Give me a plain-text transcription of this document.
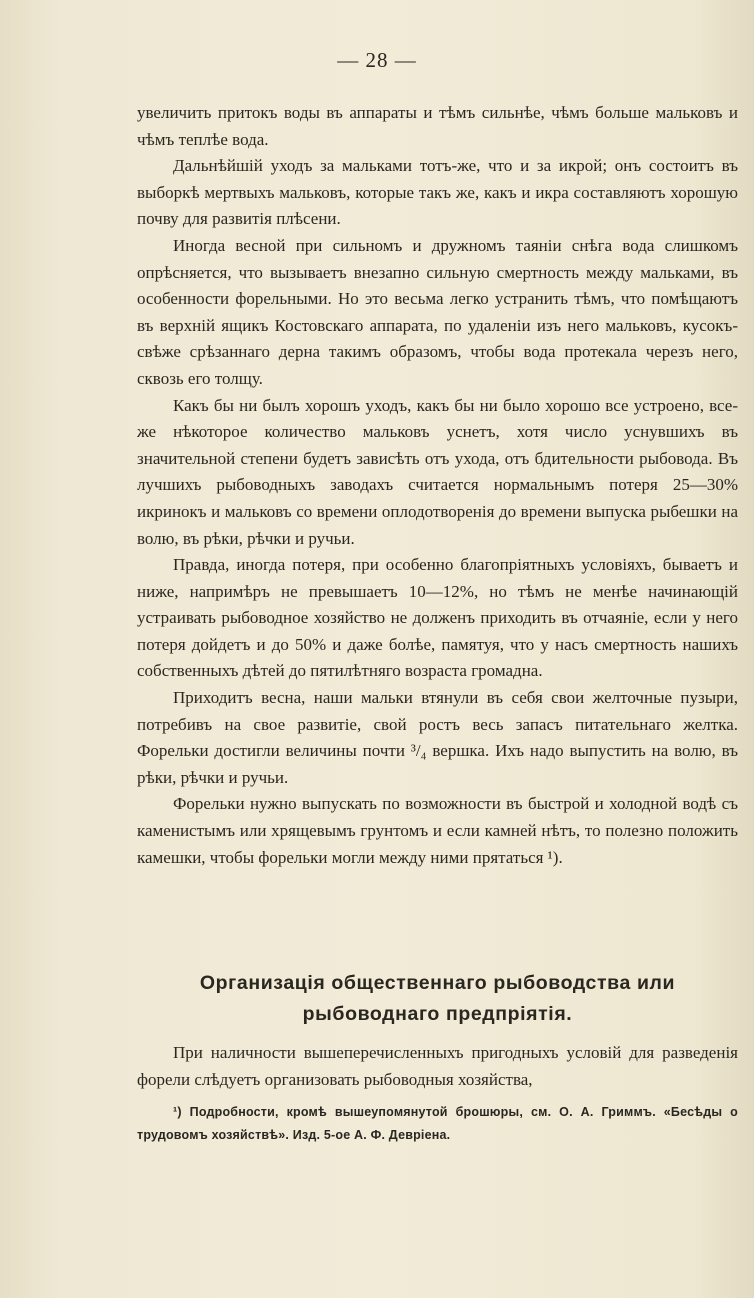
— 28 —

увеличить притокъ воды въ аппараты и тѣмъ сильнѣе, чѣмъ больше мальковъ и чѣмъ теплѣе вода.

Дальнѣйшій уходъ за мальками тотъ-же, что и за икрой; онъ состоитъ въ выборкѣ мертвыхъ мальковъ, которые такъ же, какъ и икра составляютъ хорошую почву для развитія плѣсени.

Иногда весной при сильномъ и дружномъ таяніи снѣга вода слишкомъ опрѣсняется, что вызываетъ внезапно сильную смертность между мальками, въ особенности форельными. Но это весьма легко устранить тѣмъ, что помѣщаютъ въ верхній ящикъ Костовскаго аппарата, по удаленіи изъ него мальковъ, кусокъ-свѣже срѣзаннаго дерна такимъ образомъ, чтобы вода протекала черезъ него, сквозь его толщу.

Какъ бы ни былъ хорошъ уходъ, какъ бы ни было хорошо все устроено, все-же нѣкоторое количество мальковъ уснетъ, хотя число уснувшихъ въ значительной степени будетъ зависѣть отъ ухода, отъ бдительности рыбовода. Въ лучшихъ рыбоводныхъ заводахъ считается нормальнымъ потеря 25—30% икринокъ и мальковъ со времени оплодотворенія до времени выпуска рыбешки на волю, въ рѣки, рѣчки и ручьи.

Правда, иногда потеря, при особенно благопріятныхъ условіяхъ, бываетъ и ниже, напримѣръ не превышаетъ 10—12%, но тѣмъ не менѣе начинающій устраивать рыбоводное хозяйство не долженъ приходить въ отчаяніе, если у него потеря дойдетъ и до 50% и даже болѣе, памятуя, что у насъ смертность нашихъ собственныхъ дѣтей до пятилѣтняго возраста громадна.

Приходитъ весна, наши мальки втянули въ себя свои желточные пузыри, потребивъ на свое развитіе, свой ростъ весь запасъ питательнаго желтка. Форельки достигли величины почти ³/₄ вершка. Ихъ надо выпустить на волю, въ рѣки, рѣчки и ручьи.

Форельки нужно выпускать по возможности въ быстрой и холодной водѣ съ каменистымъ или хрящевымъ грунтомъ и если камней нѣтъ, то полезно положить камешки, чтобы форельки могли между ними прятаться ¹).

Организація общественнаго рыбоводства или рыбоводнаго предпріятія.

При наличности вышеперечисленныхъ пригодныхъ условій для разведенія форели слѣдуетъ организовать рыбоводныя хозяйства,

¹) Подробности, кромѣ вышеупомянутой брошюры, см. О. А. Гриммъ. «Бесѣды о трудовомъ хозяйствѣ». Изд. 5-ое А. Ф. Девріена.
